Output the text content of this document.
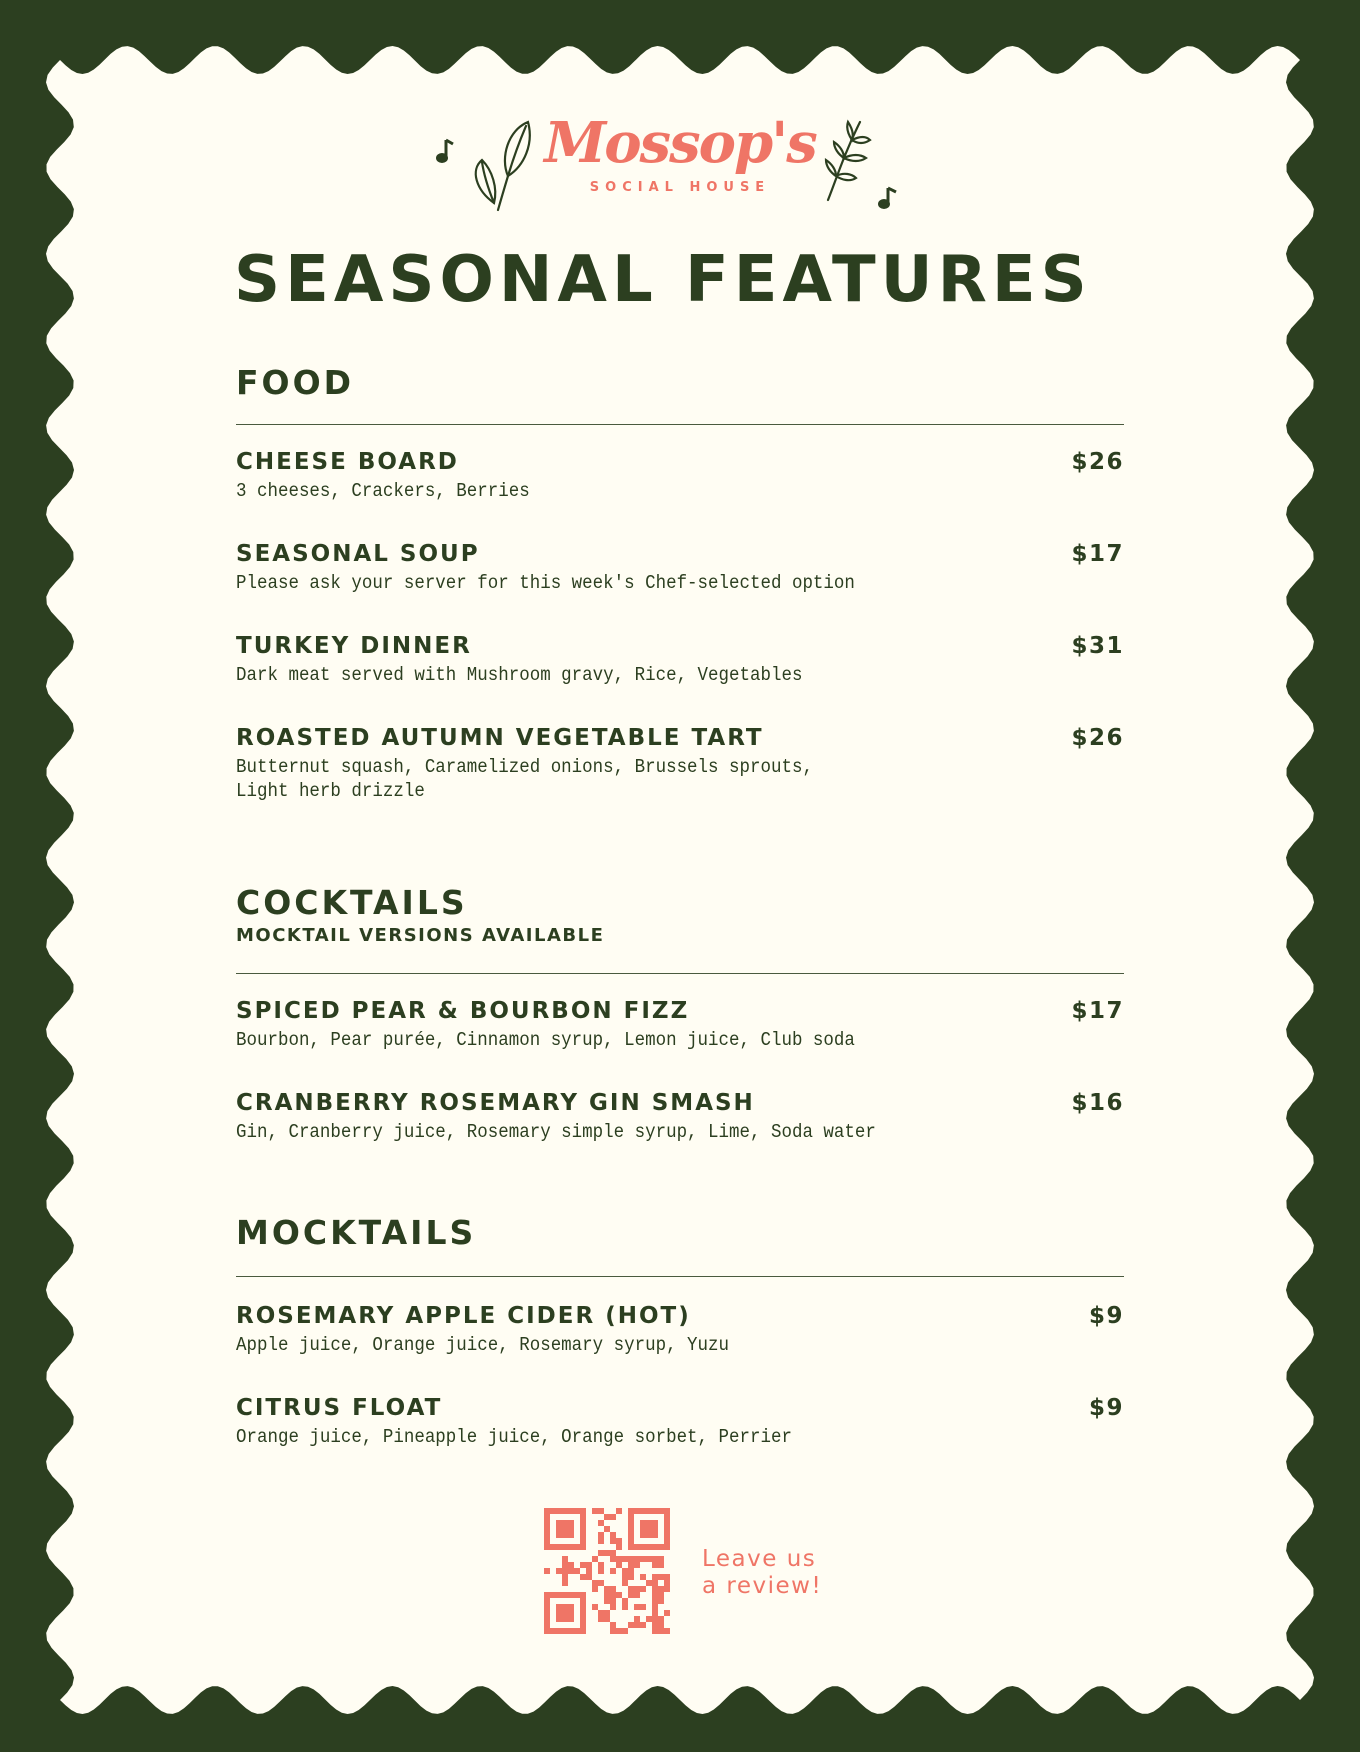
Mossop's
SOCIAL HOUSE
SEASONAL FEATURES
FOOD
CHEESE BOARD	$26
3 cheeses, Crackers, Berries
SEASONAL SOUP	$17
Please ask your server for this week's Chef-selected option
TURKEY DINNER	$31
Dark meat served with Mushroom gravy, Rice, Vegetables
ROASTED AUTUMN VEGETABLE TART	$26
Butternut squash, Caramelized onions, Brussels sprouts,
Light herb drizzle
COCKTAILS
MOCKTAIL VERSIONS AVAILABLE
SPICED PEAR & BOURBON FIZZ	$17
Bourbon, Pear purée, Cinnamon syrup, Lemon juice, Club soda
CRANBERRY ROSEMARY GIN SMASH	$16
Gin, Cranberry juice, Rosemary simple syrup, Lime, Soda water
MOCKTAILS
ROSEMARY APPLE CIDER (HOT)	$9
Apple juice, Orange juice, Rosemary syrup, Yuzu
CITRUS FLOAT	$9
Orange juice, Pineapple juice, Orange sorbet, Perrier
Leave us
a review!
